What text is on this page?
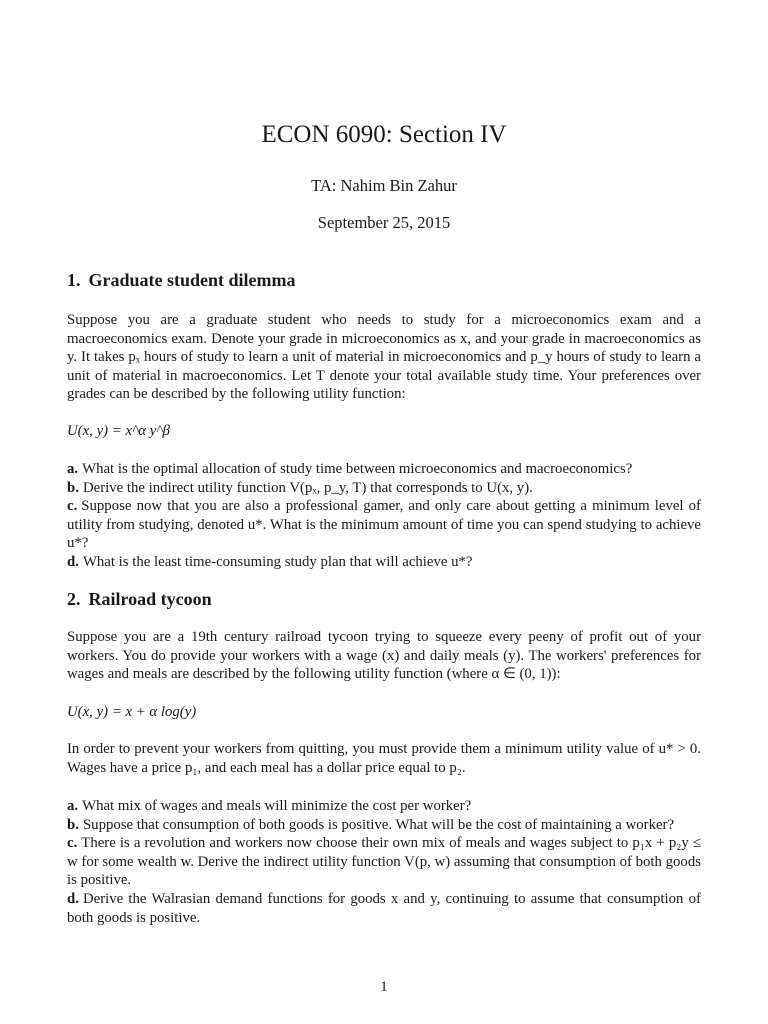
ECON 6090: Section IV
TA: Nahim Bin Zahur
September 25, 2015
1. Graduate student dilemma
Suppose you are a graduate student who needs to study for a microeconomics exam and a macroeconomics exam. Denote your grade in microeconomics as x, and your grade in macroeconomics as y. It takes pₓ hours of study to learn a unit of material in microeconomics and p_y hours of study to learn a unit of material in macroeconomics. Let T denote your total available study time. Your preferences over grades can be described by the following utility function:
U(x, y) = x^α y^β
a. What is the optimal allocation of study time between microeconomics and macroeconomics?
b. Derive the indirect utility function V(pₓ, p_y, T) that corresponds to U(x, y).
c. Suppose now that you are also a professional gamer, and only care about getting a minimum level of utility from studying, denoted u*. What is the minimum amount of time you can spend studying to achieve u*?
d. What is the least time-consuming study plan that will achieve u*?
2. Railroad tycoon
Suppose you are a 19th century railroad tycoon trying to squeeze every peeny of profit out of your workers. You do provide your workers with a wage (x) and daily meals (y). The workers' preferences for wages and meals are described by the following utility function (where α ∈ (0, 1)):
U(x, y) = x + α log(y)
In order to prevent your workers from quitting, you must provide them a minimum utility value of u* > 0. Wages have a price p₁, and each meal has a dollar price equal to p₂.
a. What mix of wages and meals will minimize the cost per worker?
b. Suppose that consumption of both goods is positive. What will be the cost of maintaining a worker?
c. There is a revolution and workers now choose their own mix of meals and wages subject to p₁x + p₂y ≤ w for some wealth w. Derive the indirect utility function V(p, w) assuming that consumption of both goods is positive.
d. Derive the Walrasian demand functions for goods x and y, continuing to assume that consumption of both goods is positive.
1
